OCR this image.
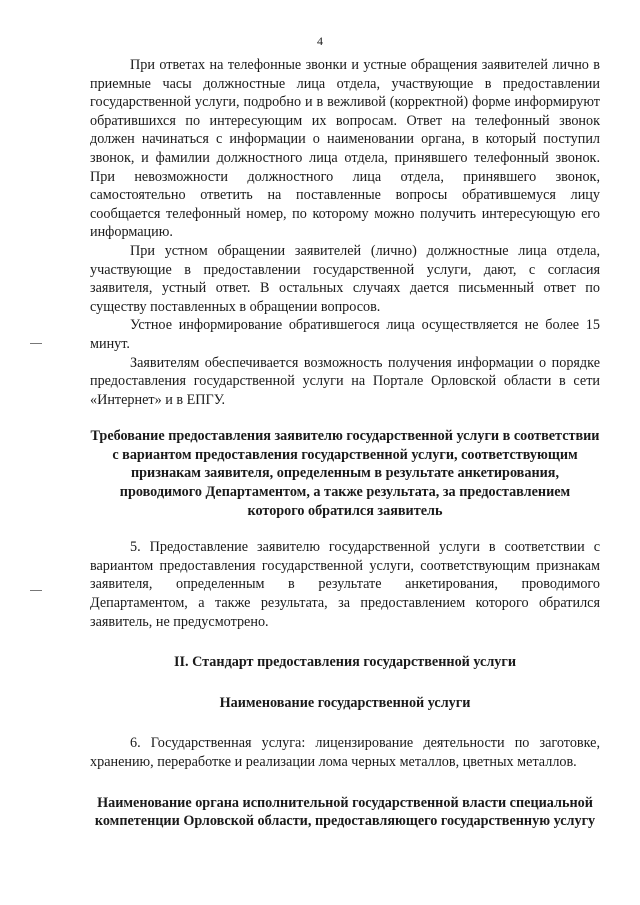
4

При ответах на телефонные звонки и устные обращения заявителей лично в приемные часы должностные лица отдела, участвующие в предоставлении государственной услуги, подробно и в вежливой (корректной) форме информируют обратившихся по интересующим их вопросам. Ответ на телефонный звонок должен начинаться с информации о наименовании органа, в который поступил звонок, и фамилии должностного лица отдела, принявшего телефонный звонок. При невозможности должностного лица отдела, принявшего звонок, самостоятельно ответить на поставленные вопросы обратившемуся лицу сообщается телефонный номер, по которому можно получить интересующую его информацию.

При устном обращении заявителей (лично) должностные лица отдела, участвующие в предоставлении государственной услуги, дают, с согласия заявителя, устный ответ. В остальных случаях дается письменный ответ по существу поставленных в обращении вопросов.

Устное информирование обратившегося лица осуществляется не более 15 минут.

Заявителям обеспечивается возможность получения информации о порядке предоставления государственной услуги на Портале Орловской области в сети «Интернет» и в ЕПГУ.

Требование предоставления заявителю государственной услуги в соответствии с вариантом предоставления государственной услуги, соответствующим признакам заявителя, определенным в результате анкетирования, проводимого Департаментом, а также результата, за предоставлением которого обратился заявитель

5. Предоставление заявителю государственной услуги в соответствии с вариантом предоставления государственной услуги, соответствующим признакам заявителя, определенным в результате анкетирования, проводимого Департаментом, а также результата, за предоставлением которого обратился заявитель, не предусмотрено.

II. Стандарт предоставления государственной услуги

Наименование государственной услуги

6. Государственная услуга: лицензирование деятельности по заготовке, хранению, переработке и реализации лома черных металлов, цветных металлов.

Наименование органа исполнительной государственной власти специальной компетенции Орловской области, предоставляющего государственную услугу
